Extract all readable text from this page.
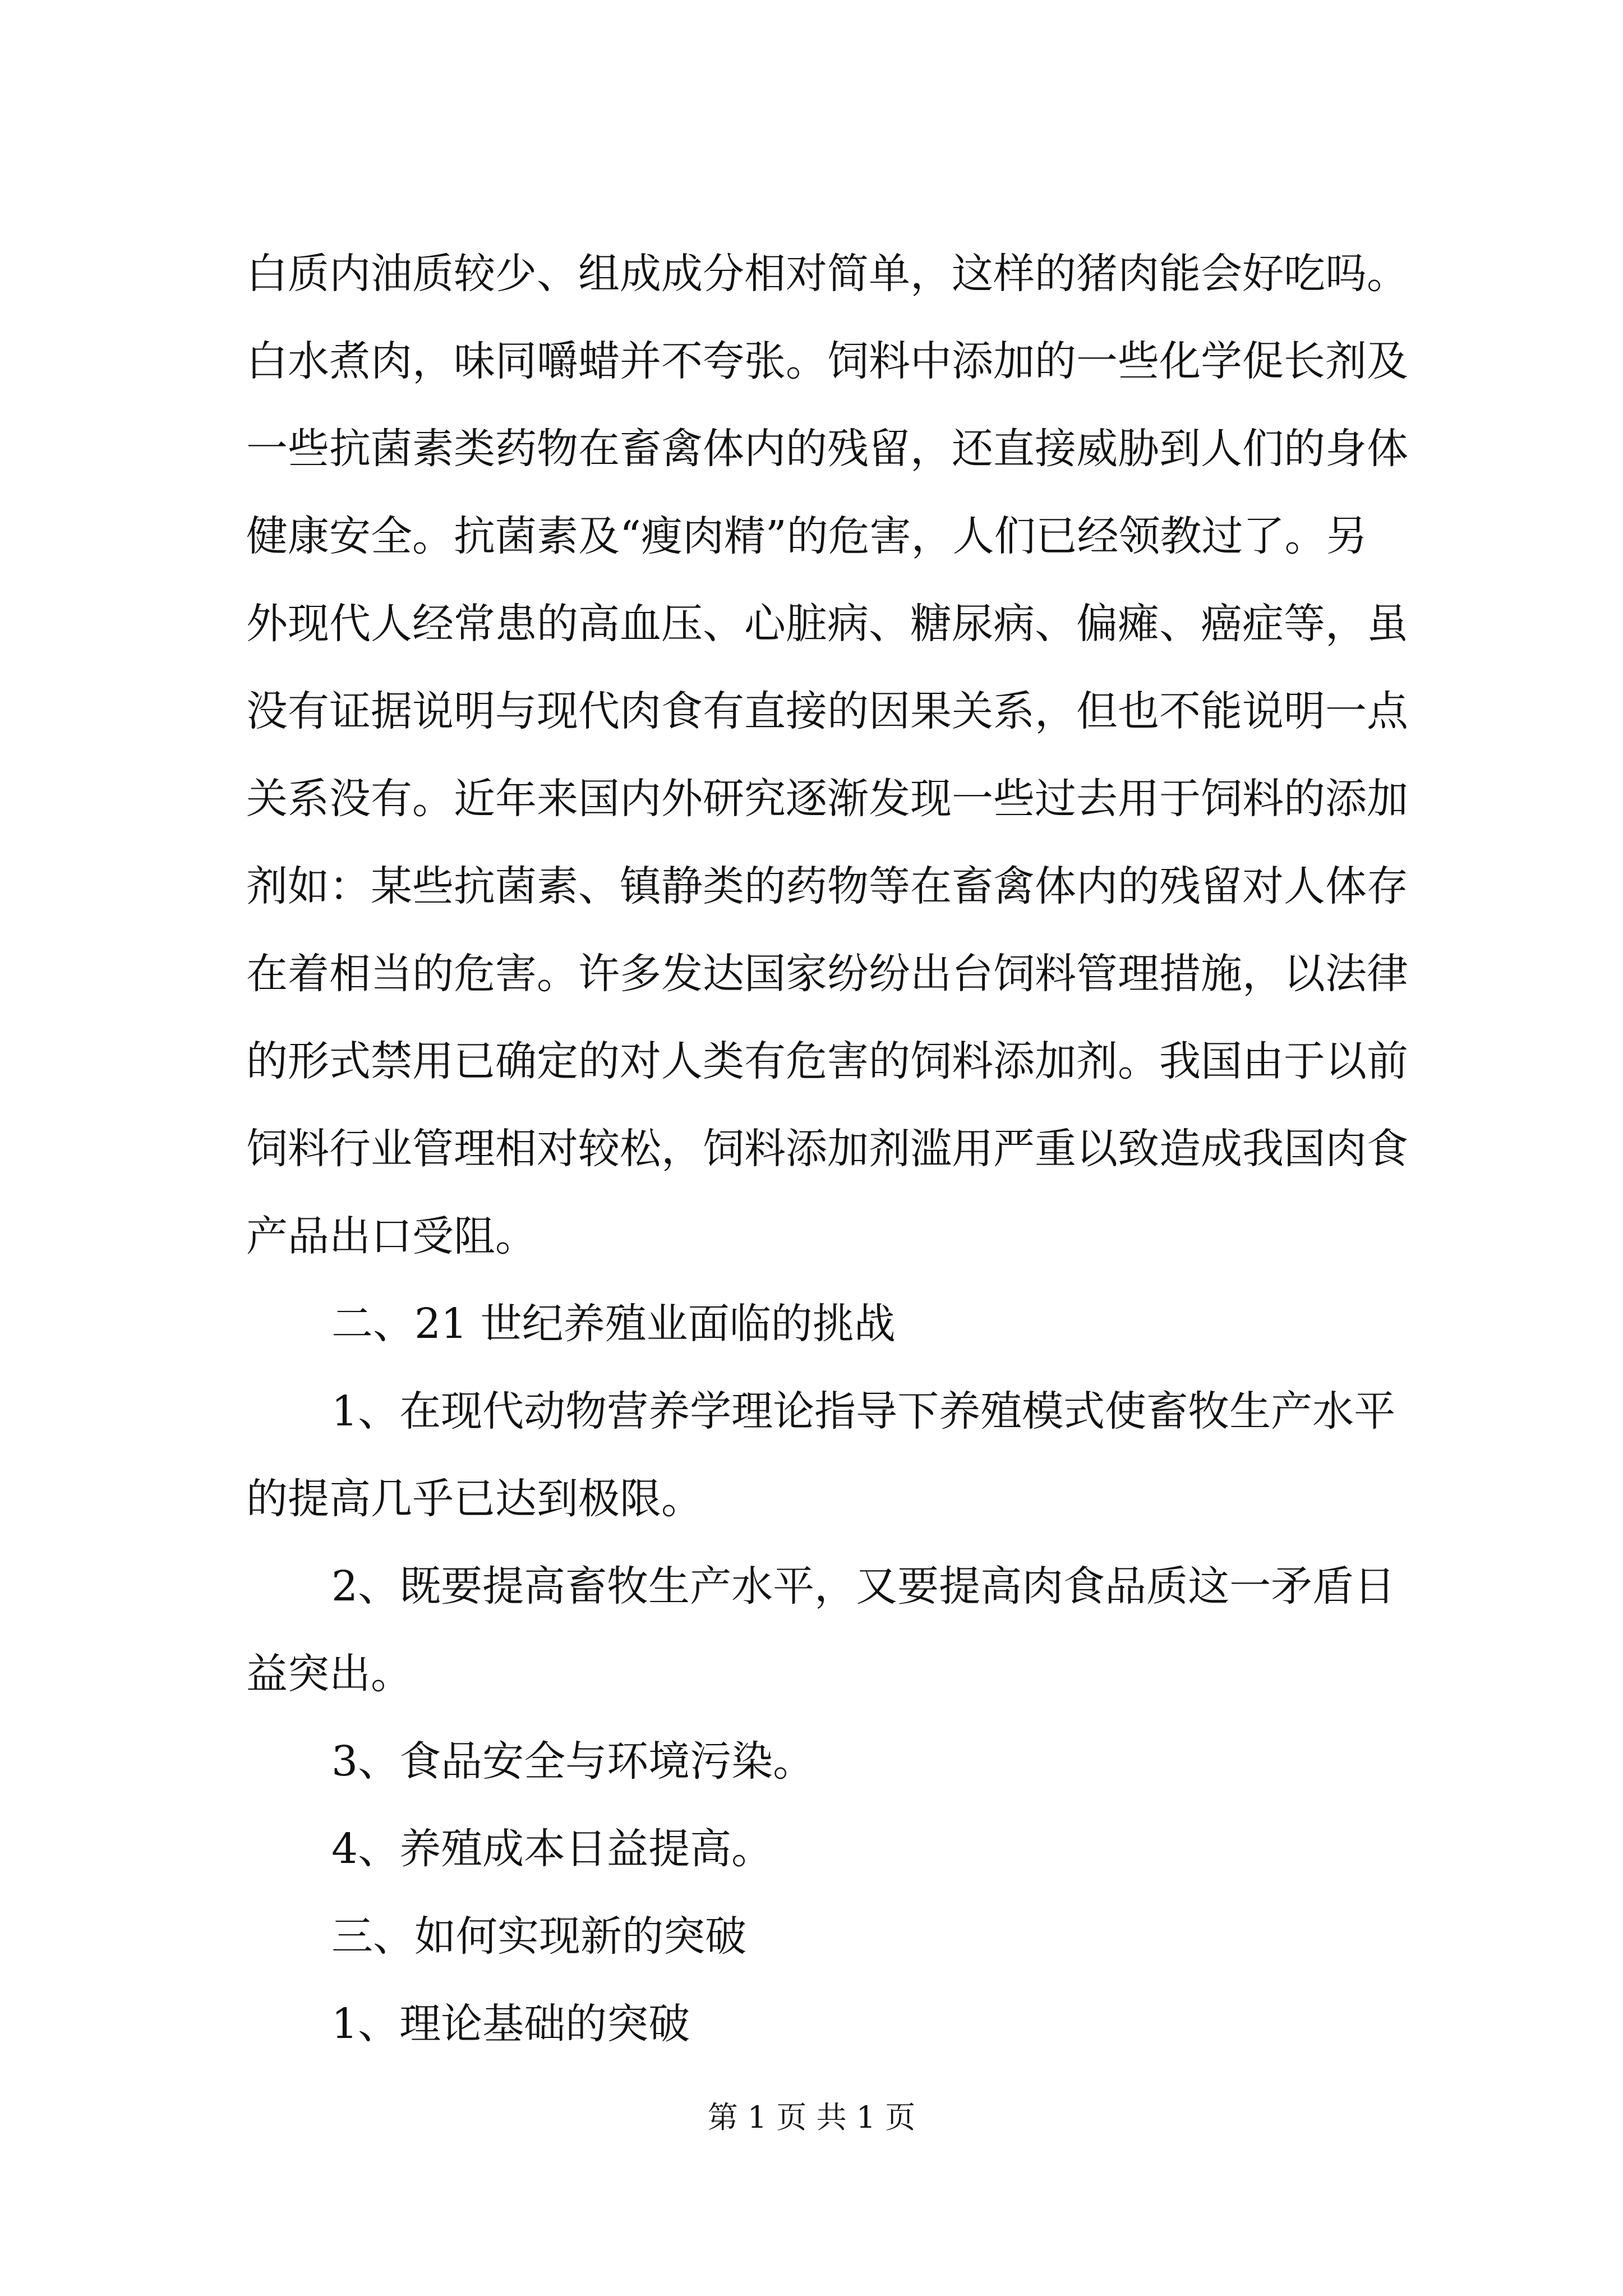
白质内油质较少、组成成分相对简单，这样的猪肉能会好吃吗。
白水煮肉，味同嚼蜡并不夸张。饲料中添加的一些化学促长剂及
一些抗菌素类药物在畜禽体内的残留，还直接威胁到人们的身体
健康安全。抗菌素及“瘦肉精”的危害，人们已经领教过了。另
外现代人经常患的高血压、心脏病、糖尿病、偏瘫、癌症等，虽
没有证据说明与现代肉食有直接的因果关系，但也不能说明一点
关系没有。近年来国内外研究逐渐发现一些过去用于饲料的添加
剂如：某些抗菌素、镇静类的药物等在畜禽体内的残留对人体存
在着相当的危害。许多发达国家纷纷出台饲料管理措施，以法律
的形式禁用已确定的对人类有危害的饲料添加剂。我国由于以前
饲料行业管理相对较松，饲料添加剂滥用严重以致造成我国肉食
产品出口受阻。
二、21 世纪养殖业面临的挑战
1、在现代动物营养学理论指导下养殖模式使畜牧生产水平
的提高几乎已达到极限。
2、既要提高畜牧生产水平，又要提高肉食品质这一矛盾日
益突出。
3、食品安全与环境污染。
4、养殖成本日益提高。
三、如何实现新的突破
1、理论基础的突破
第 1 页 共 1 页
